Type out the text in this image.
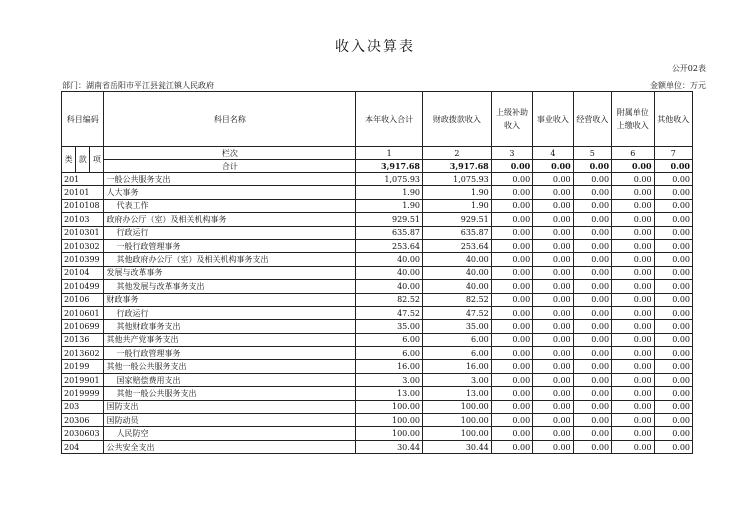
收入决算表
公开02表
部门：湖南省岳阳市平江县瓮江镇人民政府	金额单位：万元
科目编码			科目名称	本年收入合计	财政拨款收入	上级补助收入	事业收入	经营收入	附属单位上缴收入	其他收入

类	款	项	栏次	1	2	3	4	5	6	7
			合计	3,917.68	3,917.68	0.00	0.00	0.00	0.00	0.00
201			一般公共服务支出	1,075.93	1,075.93	0.00	0.00	0.00	0.00	0.00
20101			人大事务	1.90	1.90	0.00	0.00	0.00	0.00	0.00
2010108			代表工作	1.90	1.90	0.00	0.00	0.00	0.00	0.00
20103			政府办公厅（室）及相关机构事务	929.51	929.51	0.00	0.00	0.00	0.00	0.00
2010301			行政运行	635.87	635.87	0.00	0.00	0.00	0.00	0.00
2010302			一般行政管理事务	253.64	253.64	0.00	0.00	0.00	0.00	0.00
2010399			其他政府办公厅（室）及相关机构事务支出	40.00	40.00	0.00	0.00	0.00	0.00	0.00
20104			发展与改革事务	40.00	40.00	0.00	0.00	0.00	0.00	0.00
2010499			其他发展与改革事务支出	40.00	40.00	0.00	0.00	0.00	0.00	0.00
20106			财政事务	82.52	82.52	0.00	0.00	0.00	0.00	0.00
2010601			行政运行	47.52	47.52	0.00	0.00	0.00	0.00	0.00
2010699			其他财政事务支出	35.00	35.00	0.00	0.00	0.00	0.00	0.00
20136			其他共产党事务支出	6.00	6.00	0.00	0.00	0.00	0.00	0.00
2013602			一般行政管理事务	6.00	6.00	0.00	0.00	0.00	0.00	0.00
20199			其他一般公共服务支出	16.00	16.00	0.00	0.00	0.00	0.00	0.00
2019901			国家赔偿费用支出	3.00	3.00	0.00	0.00	0.00	0.00	0.00
2019999			其他一般公共服务支出	13.00	13.00	0.00	0.00	0.00	0.00	0.00
203			国防支出	100.00	100.00	0.00	0.00	0.00	0.00	0.00
20306			国防动员	100.00	100.00	0.00	0.00	0.00	0.00	0.00
2030603			人民防空	100.00	100.00	0.00	0.00	0.00	0.00	0.00
204			公共安全支出	30.44	30.44	0.00	0.00	0.00	0.00	0.00
